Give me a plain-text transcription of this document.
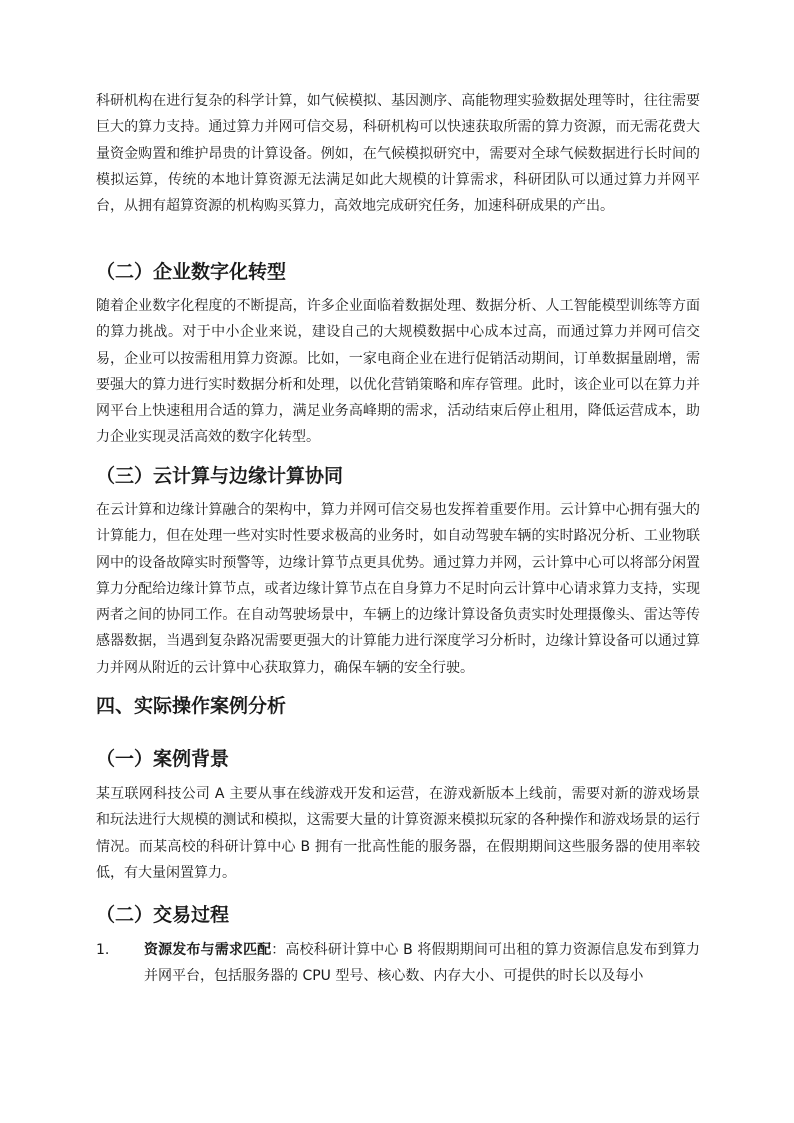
科研机构在进行复杂的科学计算，如气候模拟、基因测序、高能物理实验数据处理等时，往往需要巨大的算力支持。通过算力并网可信交易，科研机构可以快速获取所需的算力资源，而无需花费大量资金购置和维护昂贵的计算设备。例如，在气候模拟研究中，需要对全球气候数据进行长时间的模拟运算，传统的本地计算资源无法满足如此大规模的计算需求，科研团队可以通过算力并网平台，从拥有超算资源的机构购买算力，高效地完成研究任务，加速科研成果的产出。

（二）企业数字化转型

随着企业数字化程度的不断提高，许多企业面临着数据处理、数据分析、人工智能模型训练等方面的算力挑战。对于中小企业来说，建设自己的大规模数据中心成本过高，而通过算力并网可信交易，企业可以按需租用算力资源。比如，一家电商企业在进行促销活动期间，订单数据量剧增，需要强大的算力进行实时数据分析和处理，以优化营销策略和库存管理。此时，该企业可以在算力并网平台上快速租用合适的算力，满足业务高峰期的需求，活动结束后停止租用，降低运营成本，助力企业实现灵活高效的数字化转型。

（三）云计算与边缘计算协同

在云计算和边缘计算融合的架构中，算力并网可信交易也发挥着重要作用。云计算中心拥有强大的计算能力，但在处理一些对实时性要求极高的业务时，如自动驾驶车辆的实时路况分析、工业物联网中的设备故障实时预警等，边缘计算节点更具优势。通过算力并网，云计算中心可以将部分闲置算力分配给边缘计算节点，或者边缘计算节点在自身算力不足时向云计算中心请求算力支持，实现两者之间的协同工作。在自动驾驶场景中，车辆上的边缘计算设备负责实时处理摄像头、雷达等传感器数据，当遇到复杂路况需要更强大的计算能力进行深度学习分析时，边缘计算设备可以通过算力并网从附近的云计算中心获取算力，确保车辆的安全行驶。

四、实际操作案例分析
（一）案例背景

某互联网科技公司 A 主要从事在线游戏开发和运营，在游戏新版本上线前，需要对新的游戏场景和玩法进行大规模的测试和模拟，这需要大量的计算资源来模拟玩家的各种操作和游戏场景的运行情况。而某高校的科研计算中心 B 拥有一批高性能的服务器，在假期期间这些服务器的使用率较低，有大量闲置算力。

（二）交易过程

1. 资源发布与需求匹配：高校科研计算中心 B 将假期期间可出租的算力资源信息发布到算力并网平台，包括服务器的 CPU 型号、核心数、内存大小、可提供的时长以及每小
